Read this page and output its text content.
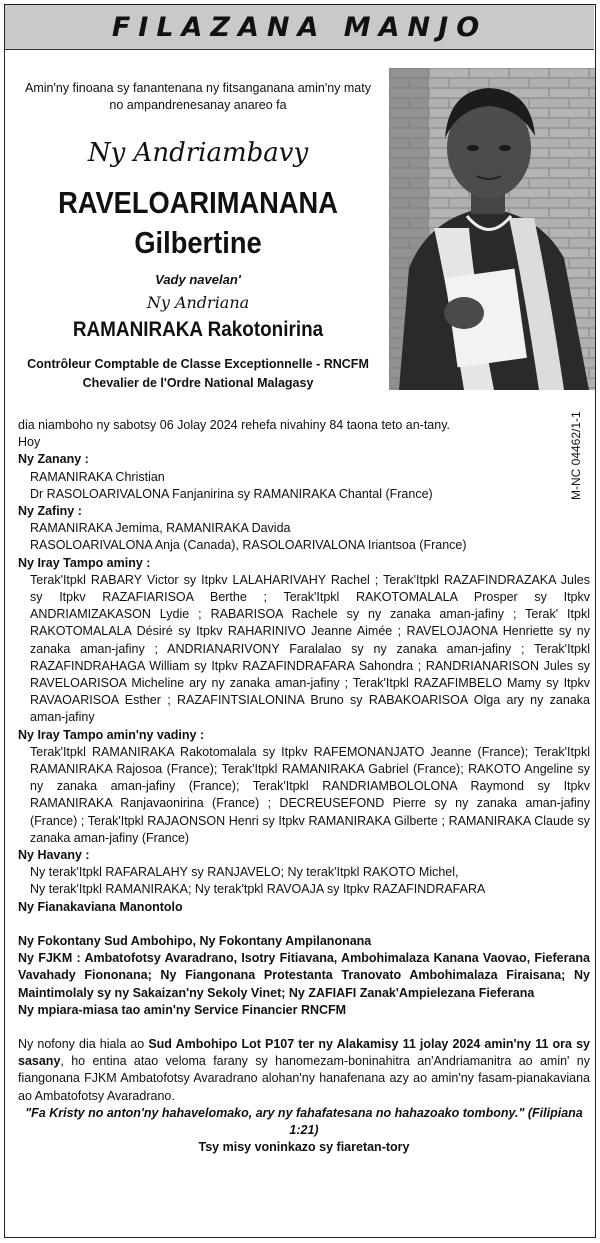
FILAZANA MANJO
Amin'ny finoana sy fanantenana ny fitsanganana amin'ny maty
no ampandrenesanay anareo fa
Ny Andriambavy
RAVELOARIMANANA
Gilbertine
Vady navelan'
Ny Andriana
RAMANIRAKA Rakotonirina
Contrôleur Comptable de Classe Exceptionnelle - RNCFM
Chevalier de l'Ordre National Malagasy
M-NC 04462/1-1

dia niamboho ny sabotsy 06 Jolay 2024 rehefa nivahiny 84 taona teto an-tany.

Hoy

Ny Zanany :

RAMANIRAKA Christian

Dr RASOLOARIVALONA Fanjanirina sy RAMANIRAKA Chantal (France)

Ny Zafiny :

RAMANIRAKA Jemima, RAMANIRAKA Davida

RASOLOARIVALONA Anja (Canada), RASOLOARIVALONA Iriantsoa (France)

Ny Iray Tampo aminy :

Terak'Itpkl RABARY Victor sy Itpkv LALAHARIVAHY Rachel ; Terak'Itpkl RAZAFINDRAZAKA Jules sy Itpkv RAZAFIARISOA Berthe ; Terak'Itpkl RAKOTOMALALA Prosper sy Itpkv ANDRIAMIZAKASON Lydie ; RABARISOA Rachele sy ny zanaka aman-jafiny ; Terak' Itpkl RAKOTOMALALA Désiré sy Itpkv RAHARINIVO Jeanne Aimée ; RAVELOJAONA Henriette sy ny zanaka aman-jafiny ; ANDRIANARIVONY Faralalao sy ny zanaka aman-jafiny ; Terak'Itpkl RAZAFINDRAHAGA William sy Itpkv RAZAFINDRAFARA Sahondra ; RANDRIANARISON Jules sy RAVELOARISOA Micheline ary ny zanaka aman-jafiny ; Terak'Itpkl RAZAFIMBELO Mamy sy Itpkv RAVAOARISOA Esther ; RAZAFINTSIALONINA Bruno sy RABAKOARISOA Olga ary ny zanaka aman-jafiny

Ny Iray Tampo amin'ny vadiny :

Terak'Itpkl RAMANIRAKA Rakotomalala sy Itpkv RAFEMONANJATO Jeanne (France); Terak'Itpkl RAMANIRAKA Rajosoa (France); Terak'Itpkl RAMANIRAKA Gabriel (France); RAKOTO Angeline sy ny zanaka aman-jafiny (France); Terak'Itpkl RANDRIAMBOLOLONA Raymond sy Itpkv RAMANIRAKA Ranjavaonirina (France) ; DECREUSEFOND Pierre sy ny zanaka aman-jafiny (France) ; Terak'Itpkl RAJAONSON Henri sy Itpkv RAMANIRAKA Gilberte ; RAMANIRAKA Claude sy zanaka aman-jafiny (France)

Ny Havany :

Ny terak'Itpkl RAFARALAHY sy RANJAVELO; Ny terak'Itpkl RAKOTO Michel,

Ny terak'Itpkl RAMANIRAKA; Ny terak'tpkl RAVOAJA sy Itpkv RAZAFINDRAFARA

Ny Fianakaviana Manontolo

Ny Fokontany Sud Ambohipo, Ny Fokontany Ampilanonana

Ny FJKM : Ambatofotsy Avaradrano, Isotry Fitiavana, Ambohimalaza Kanana Vaovao, Fieferana Vavahady Fiononana; Ny Fiangonana Protestanta Tranovato Ambohimalaza Firaisana; Ny Maintimolaly sy ny Sakaizan'ny Sekoly Vinet; Ny ZAFIAFI Zanak'Ampielezana Fieferana

Ny mpiara-miasa tao amin'ny Service Financier RNCFM

Ny nofony dia hiala ao Sud Ambohipo Lot P107 ter ny Alakamisy 11 jolay 2024 amin'ny 11 ora sy sasany, ho entina atao veloma farany sy hanomezam-boninahitra an'Andriamanitra ao amin' ny fiangonana FJKM Ambatofotsy Avaradrano alohan'ny hanafenana azy ao amin'ny fasam-pianakaviana ao Ambatofotsy Avaradrano.

"Fa Kristy no anton'ny hahavelomako, ary ny fahafatesana no hahazoako tombony." (Filipiana 1:21)

Tsy misy voninkazo sy fiaretan-tory
